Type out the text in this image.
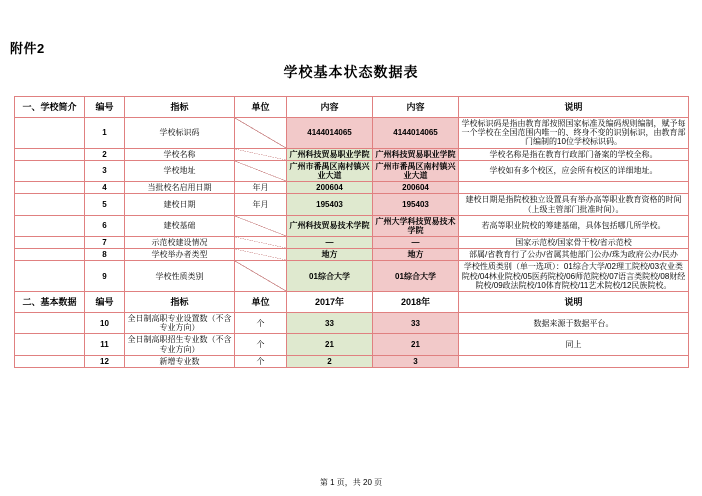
附件2
学校基本状态数据表
一、学校简介	编号	指标	单位	内容	内容	说明
	1	学校标识码		4144014065	4144014065	学校标识码是指由教育部按照国家标准及编码规则编制，赋予每一个学校在全国范围内唯一的、终身不变的识别标识，由教育部门编制的10位学校标识码。
	2	学校名称		广州科技贸易职业学院	广州科技贸易职业学院	学校名称是指在教育行政部门备案的学校全称。
	3	学校地址		广州市番禺区南村镇兴业大道	广州市番禺区南村镇兴业大道	学校如有多个校区，应会所有校区的详细地址。
	4	当批校名启用日期	年月	200604	200604	
	5	建校日期	年月	195403	195403	建校日期是指院校独立设置具有举办高等职业教育资格的时间（上级主管部门批准时间）。
	6	建校基础		广州科技贸易技术学院	广州大学科技贸易技术学院	若高等职业院校的筹建基础，具体包括哪几所学校。
	7	示范校建设情况		—	—	国家示范校/国家骨干校/省示范校
	8	学校举办者类型		地方	地方	部属/省教育行了公办/省属其他部门公办/珠为政府公办/民办
	9	学校性质类别		01综合大学	01综合大学	学校性质类别（单一选项）：01综合大学/02理工院校/03农业类院校/04林业院校/05医药院校/06师范院校/07语言类院校/08财经院校/09政法院校/10体育院校/11艺术院校/12民族院校。
二、基本数据	编号	指标	单位	2017年	2018年	说明
	10	全日制高职专业设置数（不含专业方向）	个	33	33	数据来源于数据平台。
	11	全日制高职招生专业数（不含专业方向）	个	21	21	同上
	12	新增专业数	个	2	3	
第 1 页，共 20 页
